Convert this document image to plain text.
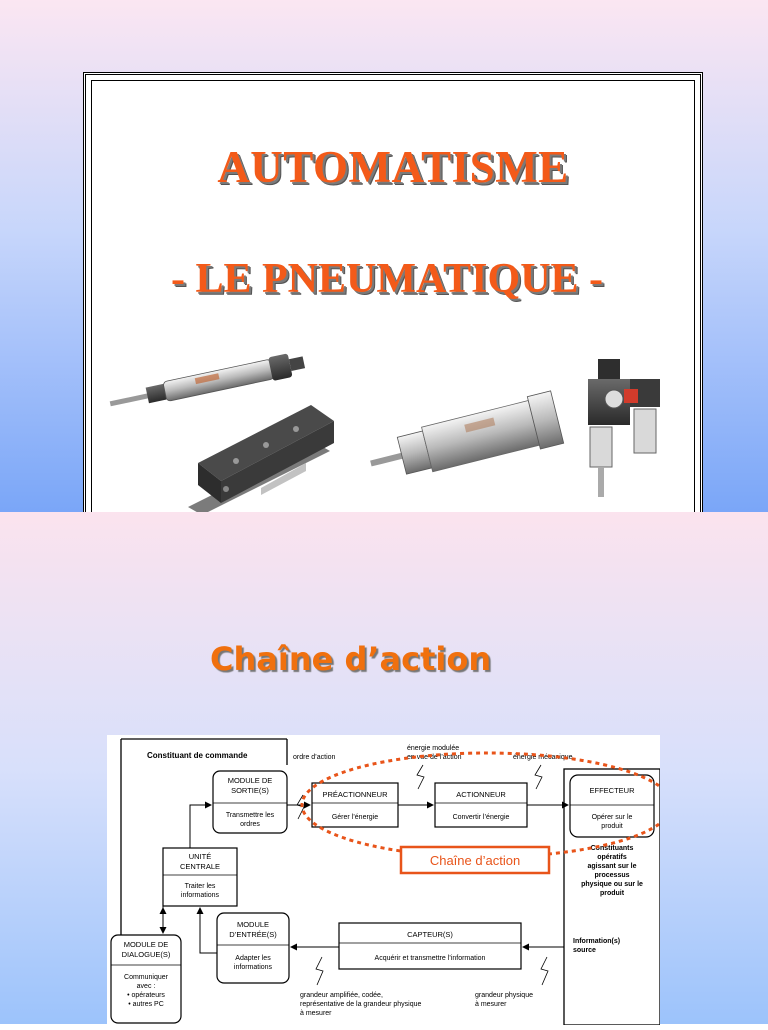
AUTOMATISME
- LE PNEUMATIQUE -
Chaîne d’action
Constituant de commande
MODULE DE
SORTIE(S)
Transmettre les
ordres
UNITÉ
CENTRALE
Traiter les
informations
MODULE
D’ENTRÉE(S)
Adapter les
informations
MODULE DE
DIALOGUE(S)
Communiquer
avec :
• opérateurs
• autres PC
ordre d’action
énergie modulée
en vue de l’action	énergie mécanique
PRÉACTIONNEUR
Gérer l’énergie
ACTIONNEUR
Convertir l’énergie
EFFECTEUR
Opérer sur le
produit
Constituants
opératifs
agissant sur le
processus
physique ou sur le
produit
Information(s)
source
CAPTEUR(S)
Acquérir et transmettre l’information
grandeur amplifiée, codée,
représentative de la grandeur physique
à mesurer
grandeur physique
à mesurer
Chaîne d’action
